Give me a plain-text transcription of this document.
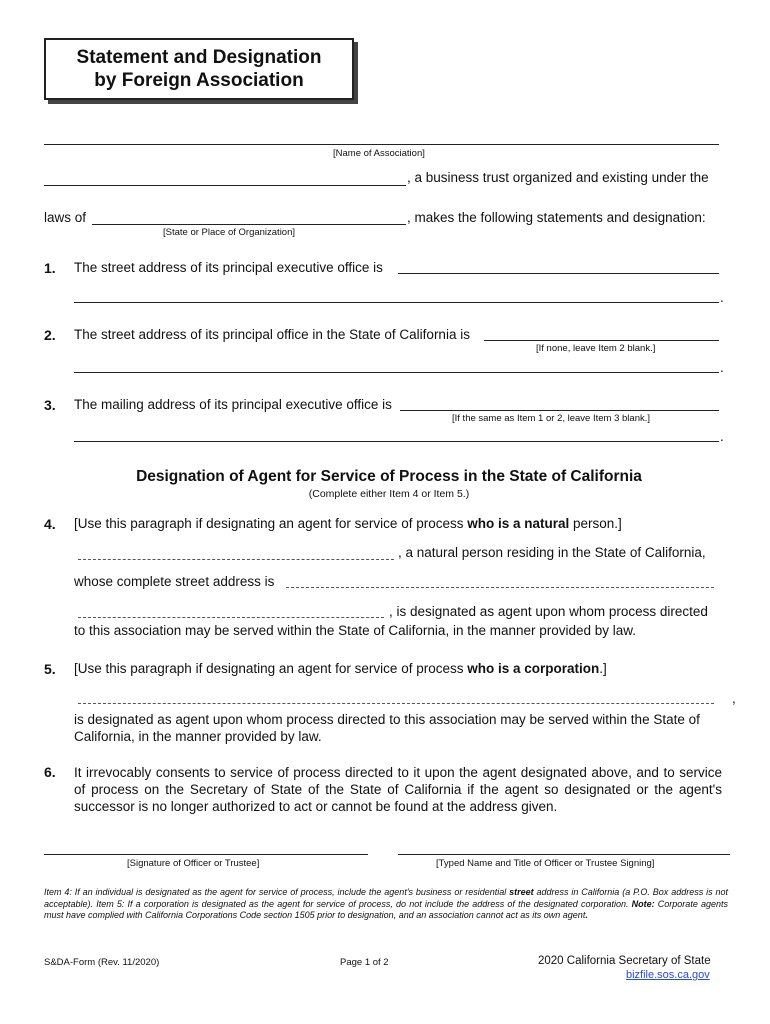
Statement and Designation
by Foreign Association
[Name of Association]
, a business trust organized and existing under the
laws of	, makes the following statements and designation:
[State or Place of Organization]
1. The street address of its principal executive office is
.
2. The street address of its principal office in the State of California is
[If none, leave Item 2 blank.]
.
3. The mailing address of its principal executive office is
[If the same as Item 1 or 2, leave Item 3 blank.]
.
Designation of Agent for Service of Process in the State of California
(Complete either Item 4 or Item 5.)
4. [Use this paragraph if designating an agent for service of process who is a natural person.]
, a natural person residing in the State of California,
whose complete street address is
, is designated as agent upon whom process directed
to this association may be served within the State of California, in the manner provided by law.
5. [Use this paragraph if designating an agent for service of process who is a corporation.]
,
is designated as agent upon whom process directed to this association may be served within the State of California, in the manner provided by law.
6. It irrevocably consents to service of process directed to it upon the agent designated above, and to service of process on the Secretary of State of the State of California if the agent so designated or the agent's successor is no longer authorized to act or cannot be found at the address given.
[Signature of Officer or Trustee]	[Typed Name and Title of Officer or Trustee Signing]
Item 4: If an individual is designated as the agent for service of process, include the agent's business or residential street address in California (a P.O. Box address is not acceptable). Item 5: If a corporation is designated as the agent for service of process, do not include the address of the designated corporation. Note: Corporate agents must have complied with California Corporations Code section 1505 prior to designation, and an association cannot act as its own agent.
S&DA-Form (Rev. 11/2020)	Page 1 of 2	2020 California Secretary of State
bizfile.sos.ca.gov
